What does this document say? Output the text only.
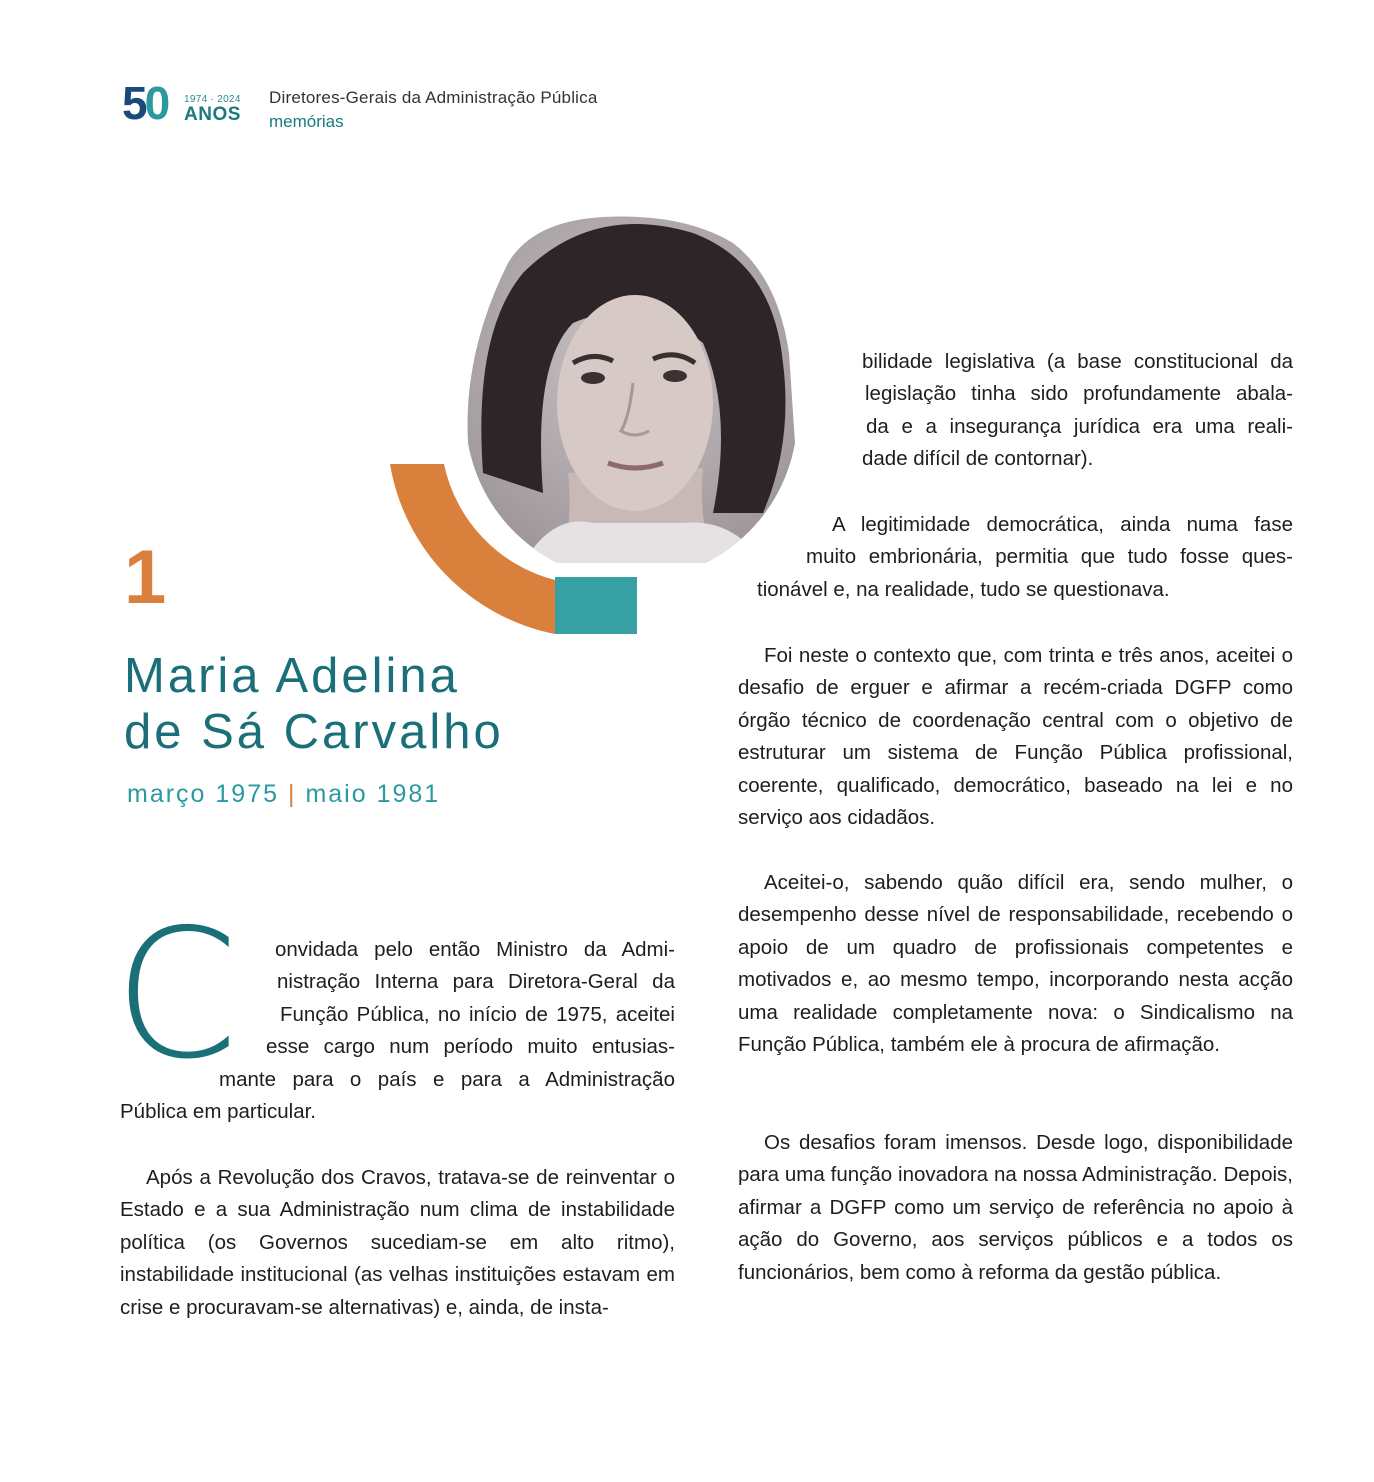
50 1974 · 2024
ANOS
Diretores-Gerais da Administração Pública
memórias
1
Maria Adelina
de Sá Carvalho
março 1975 | maio 1981
C onvidada pelo então Ministro da Admi-
nistração Interna para Diretora-Geral da
Função Pública, no início de 1975, aceitei
esse cargo num período muito entusias-
mante para o país e para a Administração
Pública em particular.
Após a Revolução dos Cravos, tratava-se de reinventar o Estado e a sua Administração num clima de instabilidade política (os Governos sucediam-se em alto ritmo), instabilidade institucional (as velhas instituições estavam em crise e procuravam-se alternativas) e, ainda, de insta-
bilidade legislativa (a base constitucional da
legislação tinha sido profundamente abala-
da e a insegurança jurídica era uma reali-
dade difícil de contornar).
A legitimidade democrática, ainda numa fase
muito embrionária, permitia que tudo fosse ques-
tionável e, na realidade, tudo se questionava.
Foi neste o contexto que, com trinta e três anos, aceitei o desafio de erguer e afirmar a recém-criada DGFP como órgão técnico de coordenação central com o objetivo de estruturar um sistema de Função Pública profissional, coerente, qualificado, democrático, baseado na lei e no serviço aos cidadãos.
Aceitei-o, sabendo quão difícil era, sendo mulher, o desempenho desse nível de responsabilidade, recebendo o apoio de um quadro de profissionais competentes e motivados e, ao mesmo tempo, incorporando nesta acção uma realidade completamente nova: o Sindicalismo na Função Pública, também ele à procura de afirmação.
Os desafios foram imensos. Desde logo, disponibilidade para uma função inovadora na nossa Administração. Depois, afirmar a DGFP como um serviço de referência no apoio à ação do Governo, aos serviços públicos e a todos os funcionários, bem como à reforma da gestão pública.
